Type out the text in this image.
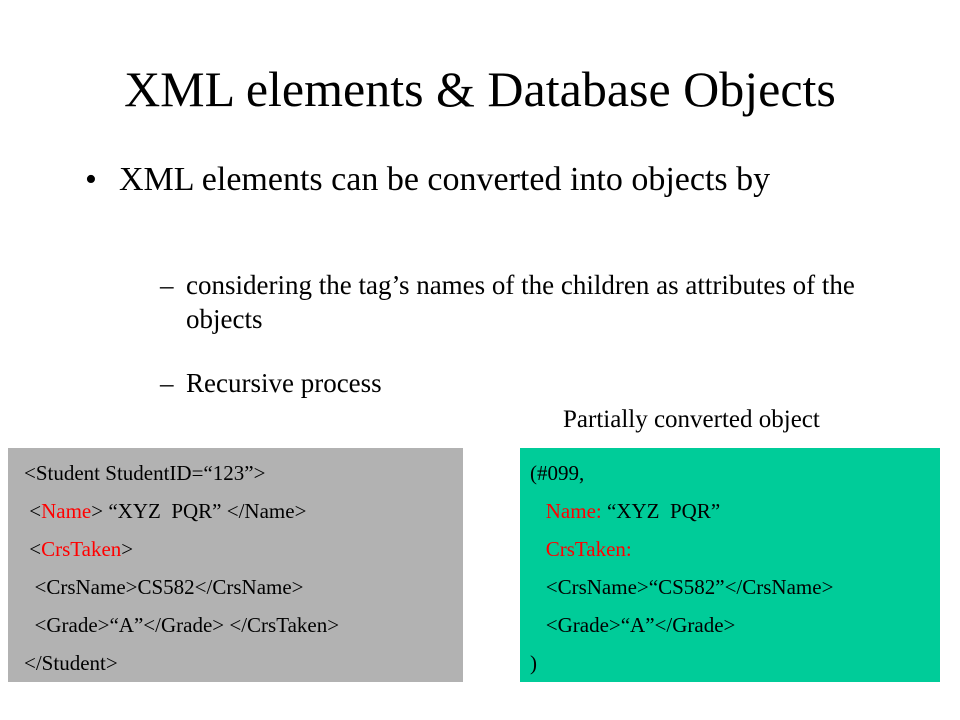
XML elements & Database Objects
• XML elements can be converted into objects by
– considering the tag’s names of the children as attributes of the objects
– Recursive process
Partially converted object
<Student StudentID=“123”>
<Name> “XYZ  PQR” </Name>
<CrsTaken>
<CrsName>CS582</CrsName>
<Grade>“A”</Grade> </CrsTaken>
</Student>
(#099,
Name: “XYZ  PQR”
CrsTaken:
<CrsName>“CS582”</CrsName>
<Grade>“A”</Grade>
)
